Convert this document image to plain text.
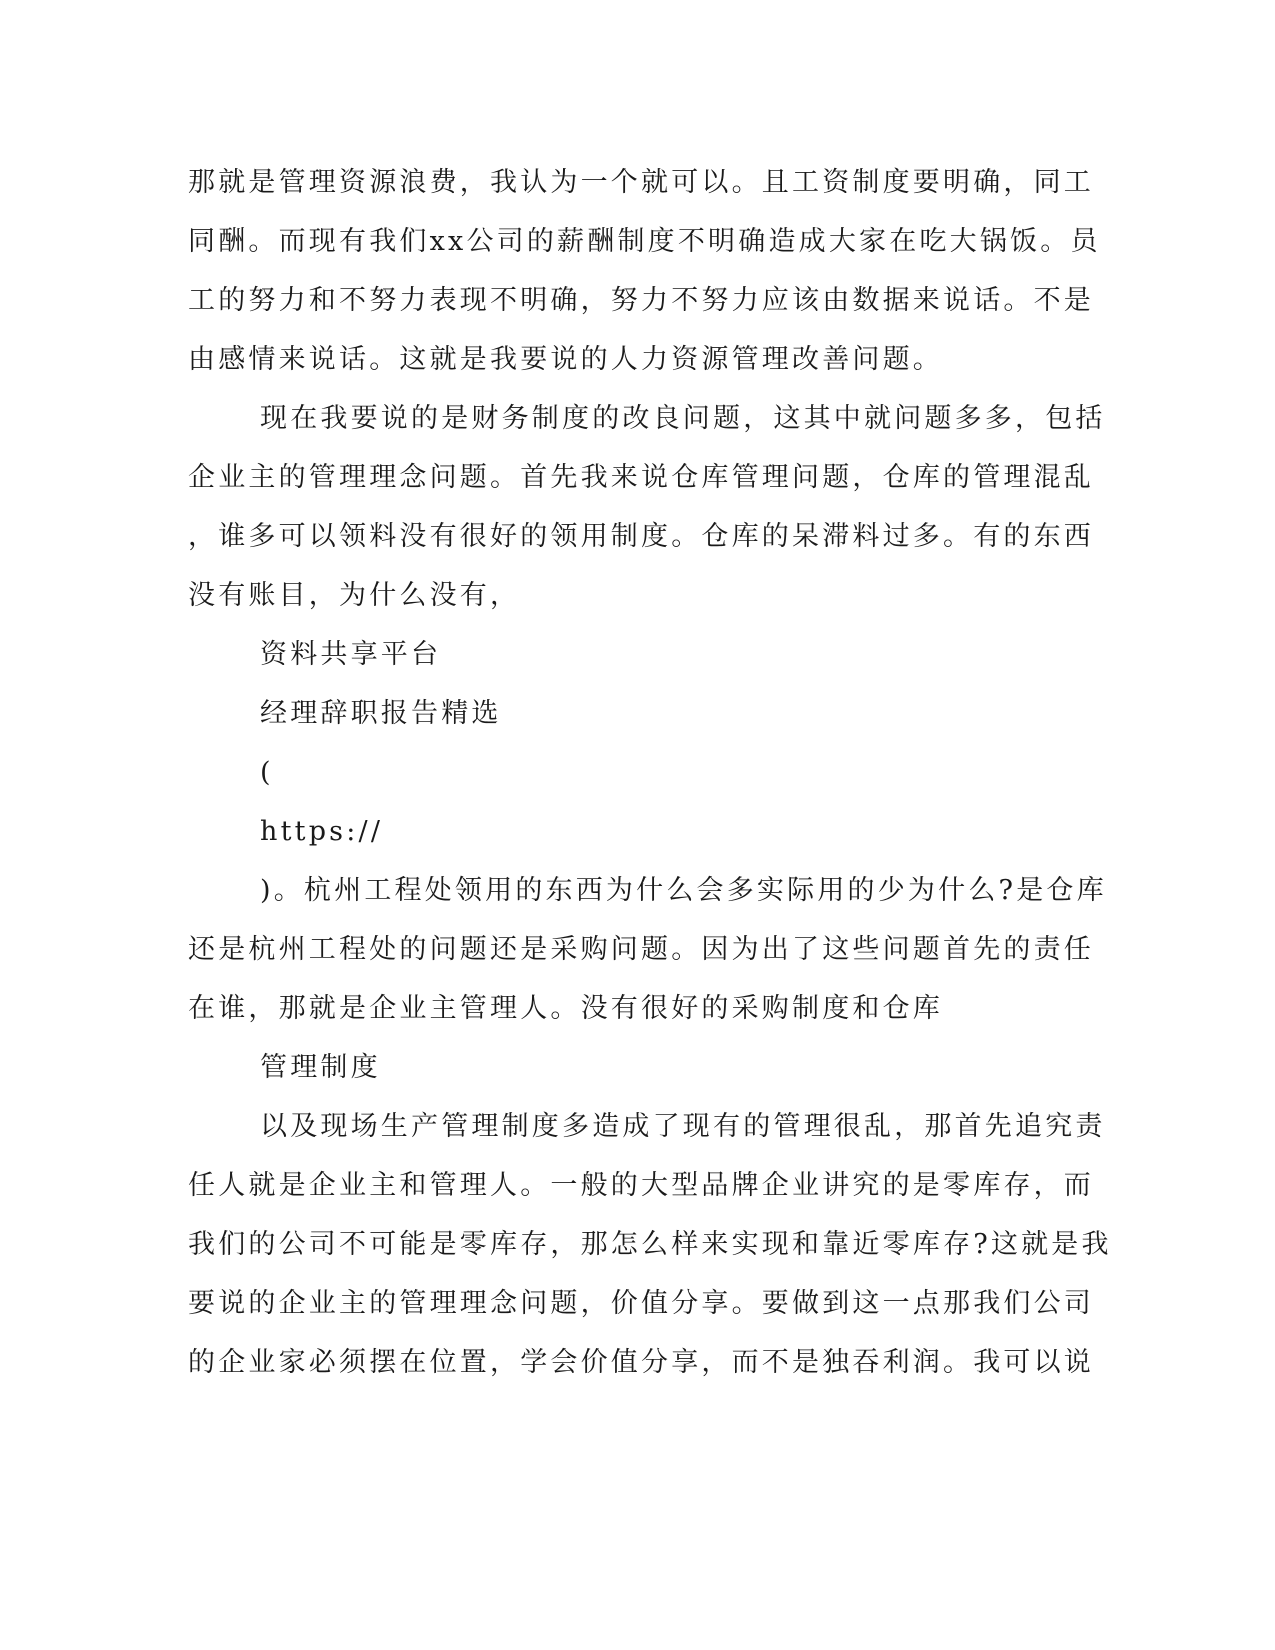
那就是管理资源浪费，我认为一个就可以。且工资制度要明确，同工
同酬。而现有我们xx公司的薪酬制度不明确造成大家在吃大锅饭。员
工的努力和不努力表现不明确，努力不努力应该由数据来说话。不是
由感情来说话。这就是我要说的人力资源管理改善问题。
现在我要说的是财务制度的改良问题，这其中就问题多多，包括
企业主的管理理念问题。首先我来说仓库管理问题，仓库的管理混乱
，谁多可以领料没有很好的领用制度。仓库的呆滞料过多。有的东西
没有账目，为什么没有，
资料共享平台
经理辞职报告精选
(
https://
)。杭州工程处领用的东西为什么会多实际用的少为什么?是仓库
还是杭州工程处的问题还是采购问题。因为出了这些问题首先的责任
在谁，那就是企业主管理人。没有很好的采购制度和仓库
管理制度
以及现场生产管理制度多造成了现有的管理很乱，那首先追究责
任人就是企业主和管理人。一般的大型品牌企业讲究的是零库存，而
我们的公司不可能是零库存，那怎么样来实现和靠近零库存?这就是我
要说的企业主的管理理念问题，价值分享。要做到这一点那我们公司
的企业家必须摆在位置，学会价值分享，而不是独吞利润。我可以说
